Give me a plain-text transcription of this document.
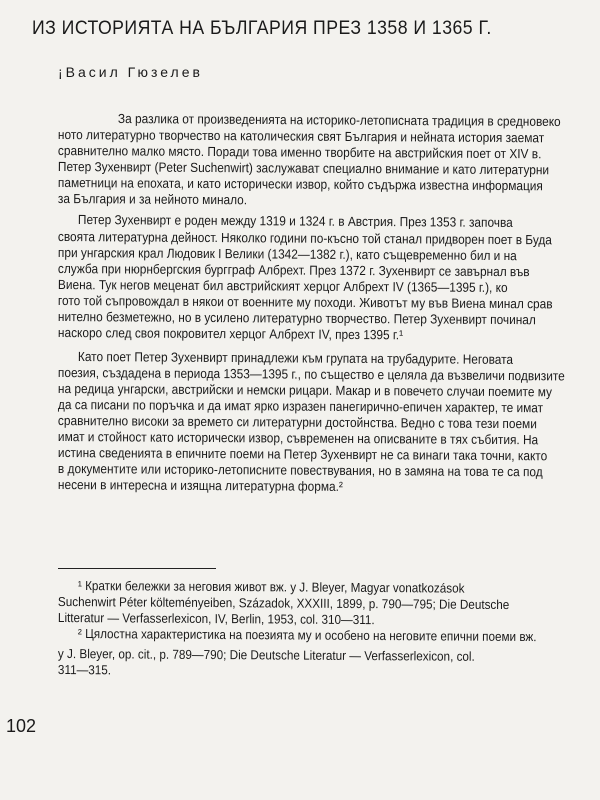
ИЗ ИСТОРИЯТА НА БЪЛГАРИЯ ПРЕЗ 1358 И 1365 Г.
¡Васил Гюзелев
За разлика от произведенията на историко-летописната традиция в средновеко
ното литературно творчество на католическия свят България и нейната история заемат
сравнително малко място. Поради това именно творбите на австрийския поет от XIV в.
Петер Зухенвирт (Peter Suchenwirt) заслужават специално внимание и като литературни
паметници на епохата, и като исторически извор, който съдържа известна информация
за България и за нейното минало.
Петер Зухенвирт е роден между 1319 и 1324 г. в Австрия. През 1353 г. започва
своята литературна дейност. Няколко години по-късно той станал придворен поет в Буда
при унгарския крал Людовик I Велики (1342—1382 г.), като същевременно бил и на
служба при нюрнбергския бургграф Албрехт. През 1372 г. Зухенвирт се завърнал във
Виена. Тук негов меценат бил австрийският херцог Албрехт IV (1365—1395 г.), ко
гото той съпровождал в някои от военните му походи. Животът му във Виена минал срав
нително безметежно, но в усилено литературно творчество. Петер Зухенвирт починал
наскоро след своя покровител херцог Албрехт IV, през 1395 г.¹
Като поет Петер Зухенвирт принадлежи към групата на трубадурите. Неговата
поезия, създадена в периода 1353—1395 г., по същество е целяла да възвеличи подвизите
на редица унгарски, австрийски и немски рицари. Макар и в повечето случаи поемите му
да са писани по поръчка и да имат ярко изразен панегирично-епичен характер, те имат
сравнително високи за времето си литературни достойнства. Ведно с това тези поеми
имат и стойност като исторически извор, съвременен на описваните в тях събития. На
истина сведенията в епичните поеми на Петер Зухенвирт не са винаги така точни, както
в документите или историко-летописните повествувания, но в замяна на това те са под
несени в интересна и изящна литературна форма.²
¹ Кратки бележки за неговия живот вж. у J. Bleyer, Magyar vonatkozások
Suchenwirt Péter költeményeiben, Századok, XXXIII, 1899, p. 790—795; Die Deutsche
Litteratur — Verfasserlexicon, IV, Berlin, 1953, col. 310—311.
² Цялостна характеристика на поезията му и особено на неговите епични поеми вж.
у J. Bleyer, op. cit., p. 789—790; Die Deutsche Literatur — Verfasserlexicon, col.
311—315.
102
